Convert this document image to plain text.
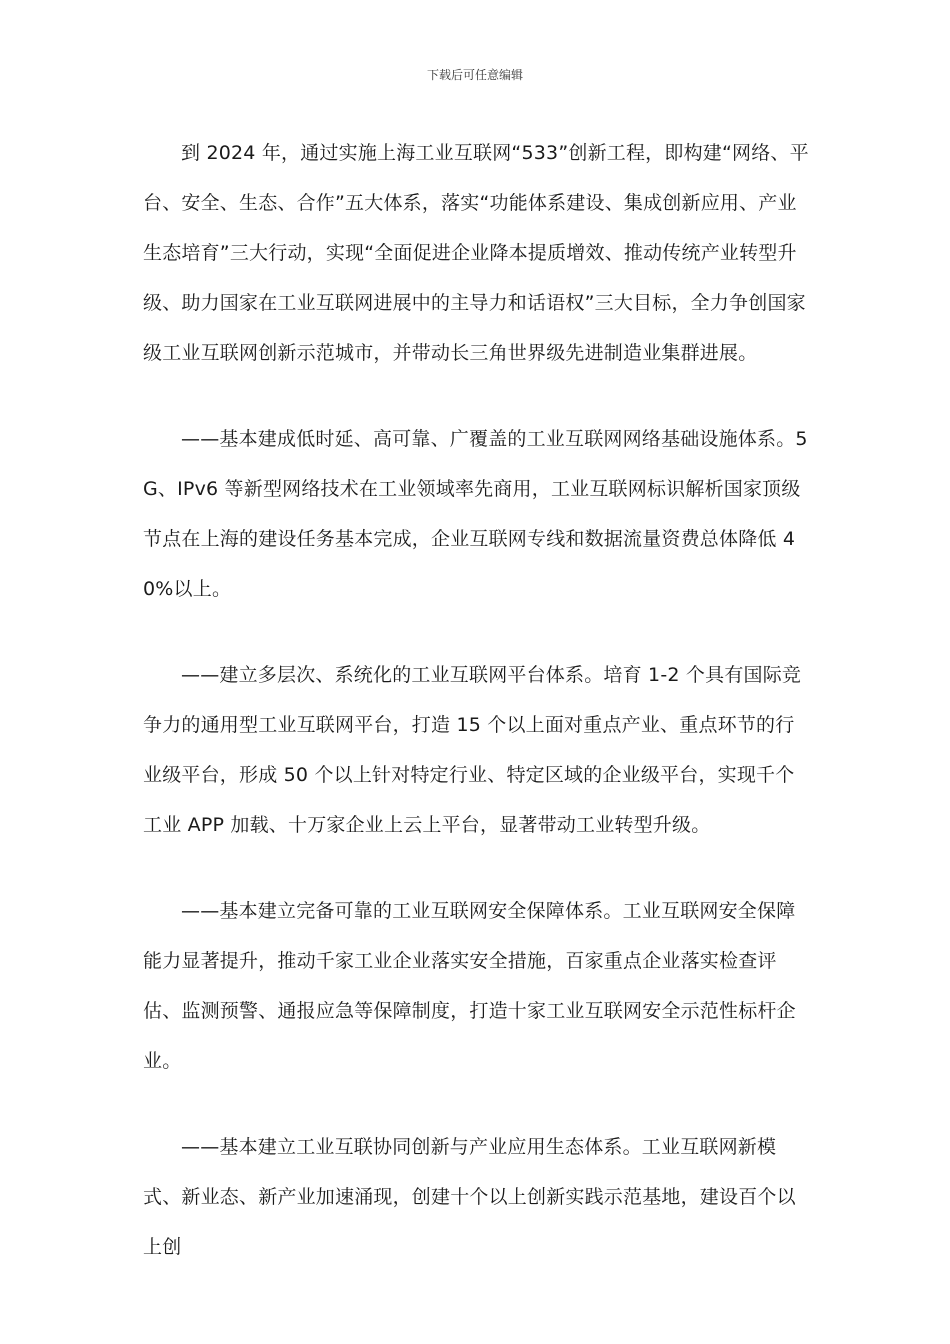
下载后可任意编辑

到 2024 年，通过实施上海工业互联网“533”创新工程，即构建“网络、平台、安全、生态、合作”五大体系，落实“功能体系建设、集成创新应用、产业生态培育”三大行动，实现“全面促进企业降本提质增效、推动传统产业转型升级、助力国家在工业互联网进展中的主导力和话语权”三大目标，全力争创国家级工业互联网创新示范城市，并带动长三角世界级先进制造业集群进展。

——基本建成低时延、高可靠、广覆盖的工业互联网网络基础设施体系。5G、IPv6 等新型网络技术在工业领域率先商用，工业互联网标识解析国家顶级节点在上海的建设任务基本完成，企业互联网专线和数据流量资费总体降低 40%以上。

——建立多层次、系统化的工业互联网平台体系。培育 1-2 个具有国际竞争力的通用型工业互联网平台，打造 15 个以上面对重点产业、重点环节的行业级平台，形成 50 个以上针对特定行业、特定区域的企业级平台，实现千个工业 APP 加载、十万家企业上云上平台，显著带动工业转型升级。

——基本建立完备可靠的工业互联网安全保障体系。工业互联网安全保障能力显著提升，推动千家工业企业落实安全措施，百家重点企业落实检查评估、监测预警、通报应急等保障制度，打造十家工业互联网安全示范性标杆企业。

——基本建立工业互联协同创新与产业应用生态体系。工业互联网新模式、新业态、新产业加速涌现，创建十个以上创新实践示范基地，建设百个以上创
